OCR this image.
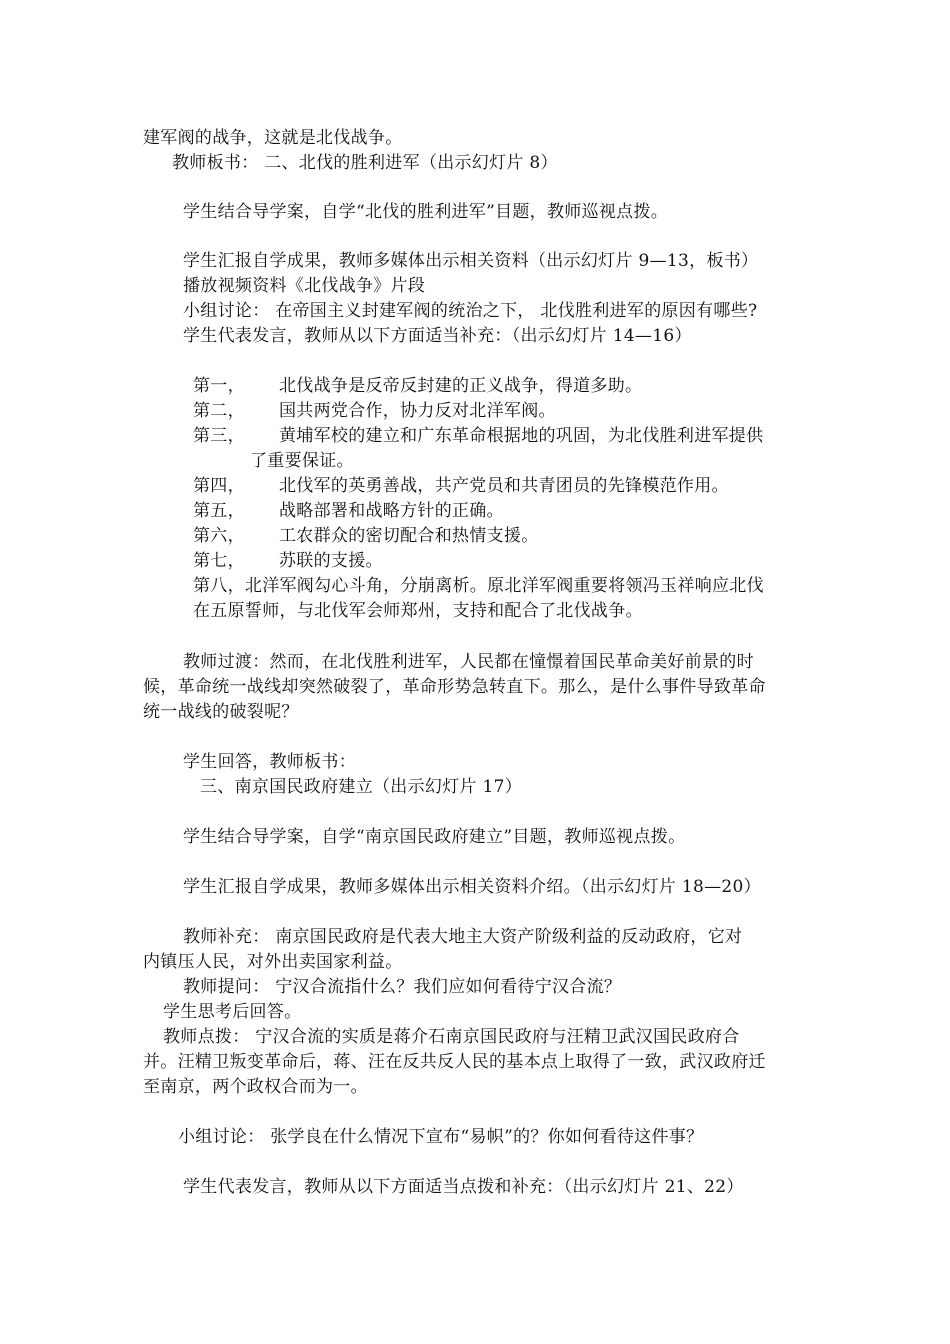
建军阀的战争，这就是北伐战争。

教师板书： 二、北伐的胜利进军（出示幻灯片 8）

学生结合导学案，自学“北伐的胜利进军”目题，教师巡视点拨。

学生汇报自学成果，教师多媒体出示相关资料（出示幻灯片 9—13，板书）

播放视频资料《北伐战争》片段

小组讨论： 在帝国主义封建军阀的统治之下， 北伐胜利进军的原因有哪些?

学生代表发言，教师从以下方面适当补充：（出示幻灯片 14—16）

第一， 北伐战争是反帝反封建的正义战争，得道多助。

第二， 国共两党合作，协力反对北洋军阀。

第三， 黄埔军校的建立和广东革命根据地的巩固，为北伐胜利进军提供

了重要保证。

第四， 北伐军的英勇善战，共产党员和共青团员的先锋模范作用。

第五， 战略部署和战略方针的正确。

第六， 工农群众的密切配合和热情支援。

第七， 苏联的支援。

第八，北洋军阀勾心斗角，分崩离析。原北洋军阀重要将领冯玉祥响应北伐

在五原誓师，与北伐军会师郑州，支持和配合了北伐战争。

教师过渡：然而，在北伐胜利进军，人民都在憧憬着国民革命美好前景的时

候，革命统一战线却突然破裂了，革命形势急转直下。那么，是什么事件导致革命

统一战线的破裂呢？

学生回答，教师板书：

三、南京国民政府建立（出示幻灯片 17）

学生结合导学案，自学“南京国民政府建立”目题，教师巡视点拨。

学生汇报自学成果，教师多媒体出示相关资料介绍。（出示幻灯片 18—20）

教师补充： 南京国民政府是代表大地主大资产阶级利益的反动政府，它对

内镇压人民，对外出卖国家利益。

教师提问： 宁汉合流指什么？我们应如何看待宁汉合流？

学生思考后回答。

教师点拨： 宁汉合流的实质是蒋介石南京国民政府与汪精卫武汉国民政府合

并。汪精卫叛变革命后，蒋、汪在反共反人民的基本点上取得了一致，武汉政府迁

至南京，两个政权合而为一。

小组讨论： 张学良在什么情况下宣布“易帜”的？你如何看待这件事？

学生代表发言，教师从以下方面适当点拨和补充：（出示幻灯片 21、22）
